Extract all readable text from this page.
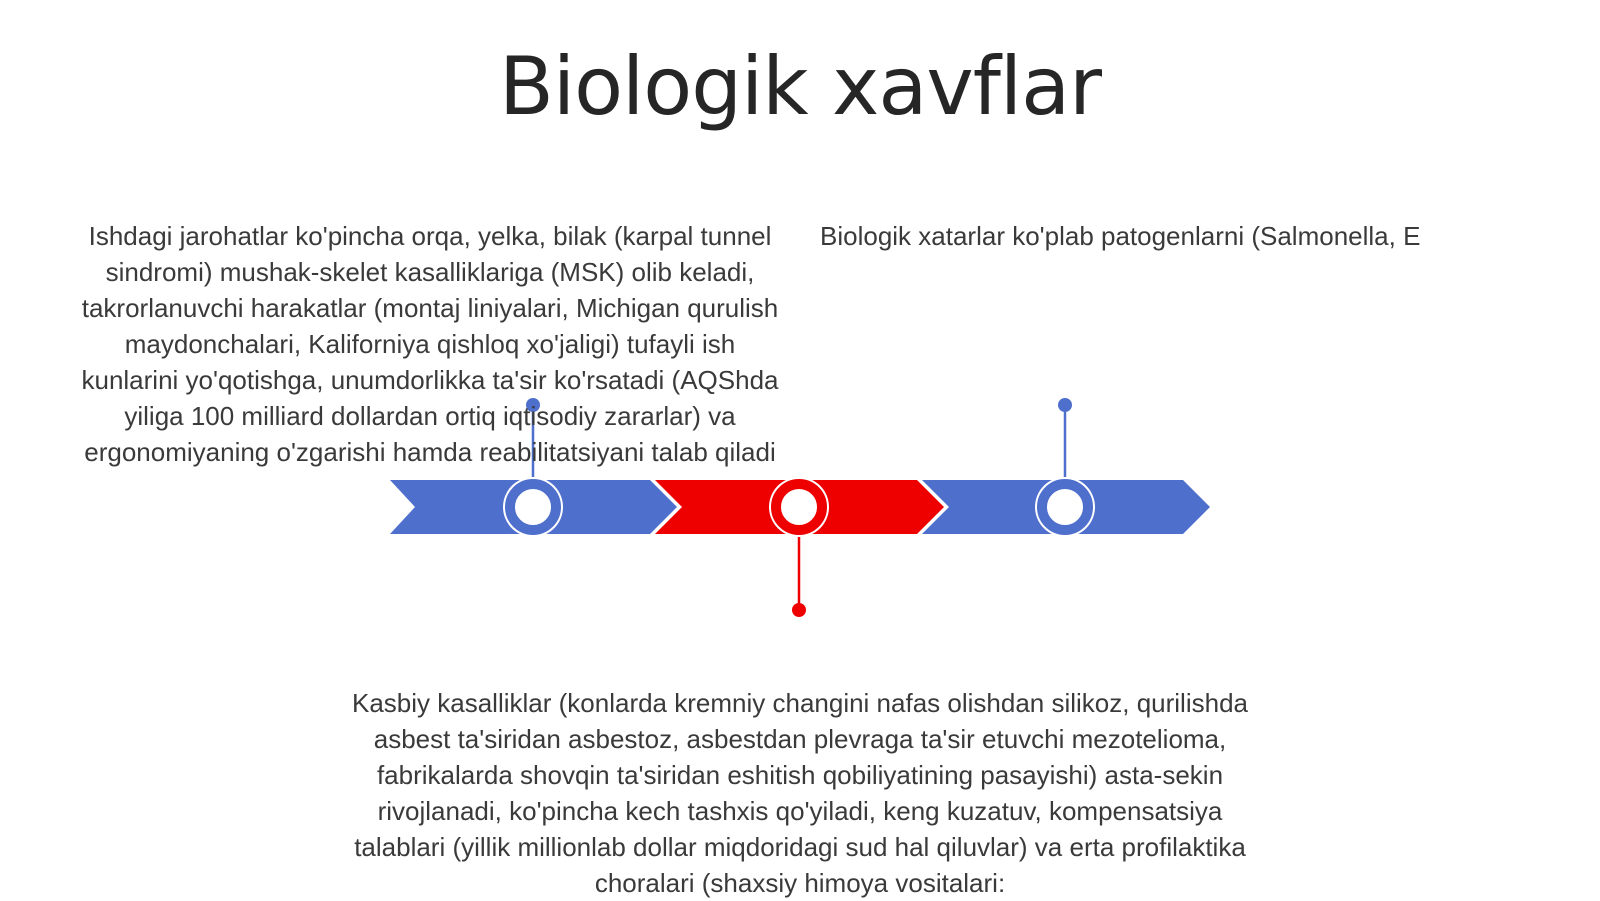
Biologik xavflar
Ishdagi jarohatlar ko'pincha orqa, yelka, bilak (karpal tunnel sindromi) mushak-skelet kasalliklariga (MSK) olib keladi, takrorlanuvchi harakatlar (montaj liniyalari, Michigan qurulish maydonchalari, Kaliforniya qishloq xo'jaligi) tufayli ish kunlarini yo'qotishga, unumdorlikka ta'sir ko'rsatadi (AQShda yiliga 100 milliard dollardan ortiq iqtisodiy zararlar) va ergonomiyaning o'zgarishi hamda reabilitatsiyani talab qiladi
Biologik xatarlar ko'plab patogenlarni (Salmonella, E
Kasbiy kasalliklar (konlarda kremniy changini nafas olishdan silikoz, qurilishda asbest ta'siridan asbestoz, asbestdan plevraga ta'sir etuvchi mezotelioma, fabrikalarda shovqin ta'siridan eshitish qobiliyatining pasayishi) asta-sekin rivojlanadi, ko'pincha kech tashxis qo'yiladi, keng kuzatuv, kompensatsiya talablari (yillik millionlab dollar miqdoridagi sud hal qiluvlar) va erta profilaktika choralari (shaxsiy himoya vositalari:
